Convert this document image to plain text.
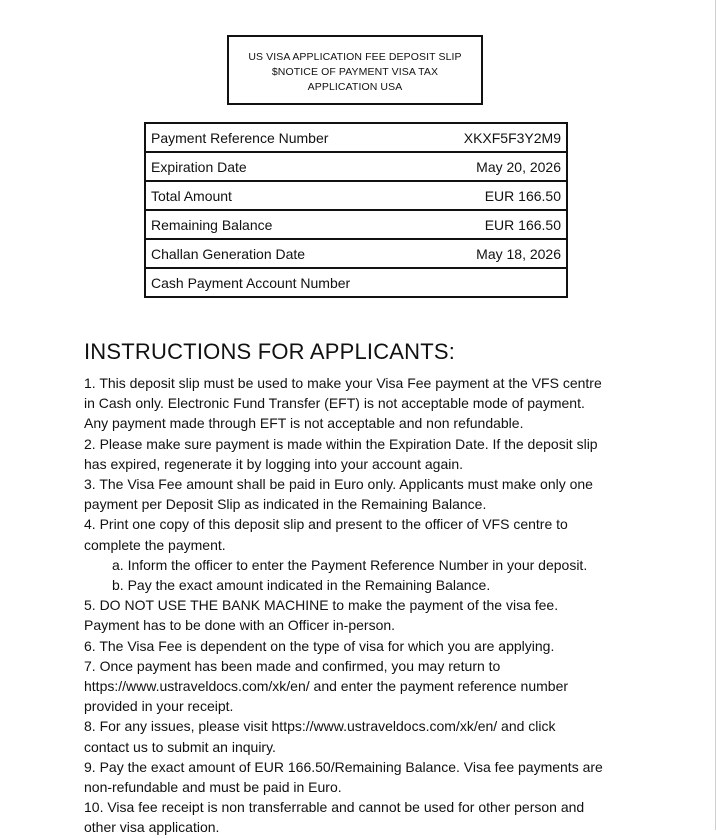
US VISA APPLICATION FEE DEPOSIT SLIP
$NOTICE OF PAYMENT VISA TAX
APPLICATION USA
Payment Reference Number	XKXF5F3Y2M9
Expiration Date	May 20, 2026
Total Amount	EUR 166.50
Remaining Balance	EUR 166.50
Challan Generation Date	May 18, 2026
Cash Payment Account Number	
INSTRUCTIONS FOR APPLICANTS:
1. This deposit slip must be used to make your Visa Fee payment at the VFS centre
in Cash only. Electronic Fund Transfer (EFT) is not acceptable mode of payment.
Any payment made through EFT is not acceptable and non refundable.
2. Please make sure payment is made within the Expiration Date. If the deposit slip
has expired, regenerate it by logging into your account again.
3. The Visa Fee amount shall be paid in Euro only. Applicants must make only one
payment per Deposit Slip as indicated in the Remaining Balance.
4. Print one copy of this deposit slip and present to the officer of VFS centre to
complete the payment.
a. Inform the officer to enter the Payment Reference Number in your deposit.
b. Pay the exact amount indicated in the Remaining Balance.
5. DO NOT USE THE BANK MACHINE to make the payment of the visa fee.
Payment has to be done with an Officer in-person.
6. The Visa Fee is dependent on the type of visa for which you are applying.
7. Once payment has been made and confirmed, you may return to
https://www.ustraveldocs.com/xk/en/ and enter the payment reference number
provided in your receipt.
8. For any issues, please visit https://www.ustraveldocs.com/xk/en/ and click
contact us to submit an inquiry.
9. Pay the exact amount of EUR 166.50/Remaining Balance. Visa fee payments are
non-refundable and must be paid in Euro.
10. Visa fee receipt is non transferrable and cannot be used for other person and
other visa application.
